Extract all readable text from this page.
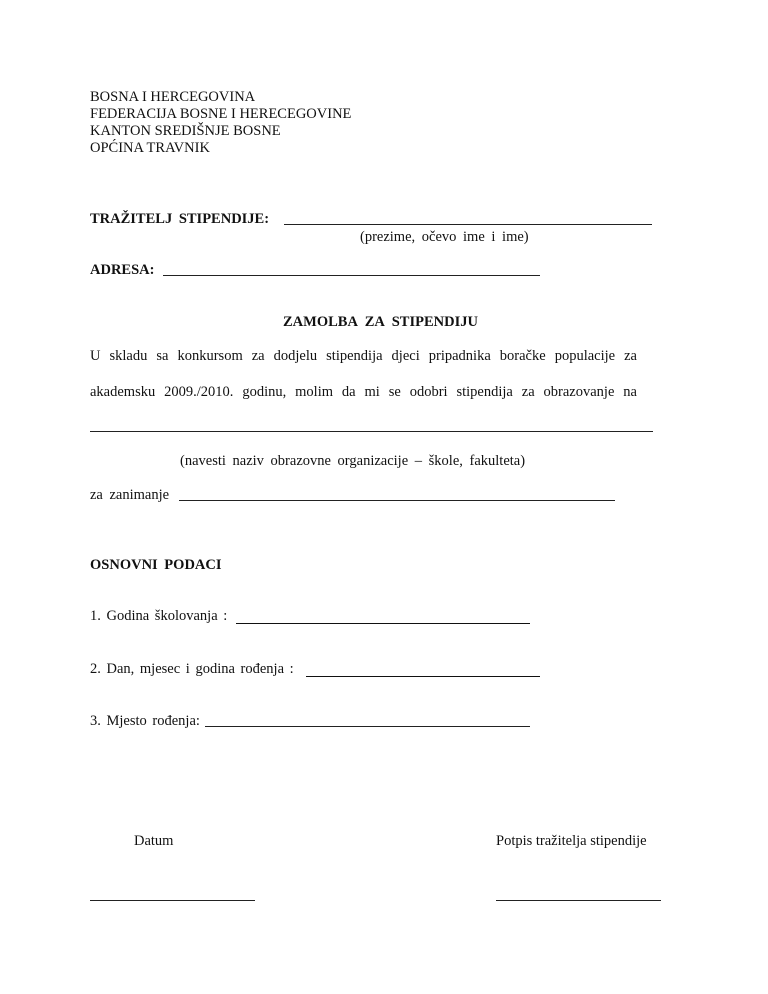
BOSNA I HERCEGOVINA
FEDERACIJA BOSNE I HERECEGOVINE
KANTON SREDIŠNJE BOSNE
OPĆINA TRAVNIK
TRAŽITELJ STIPENDIJE:
(prezime, očevo ime i ime)
ADRESA:
ZAMOLBA ZA STIPENDIJU
U skladu sa konkursom za dodjelu stipendija djeci pripadnika boračke populacije za
akademsku 2009./2010. godinu, molim da mi se odobri stipendija za obrazovanje na
(navesti naziv obrazovne organizacije – škole, fakulteta)
za zanimanje
OSNOVNI PODACI
1. Godina školovanja :
2. Dan, mjesec i godina rođenja :
3. Mjesto rođenja:
Datum	Potpis tražitelja stipendije
